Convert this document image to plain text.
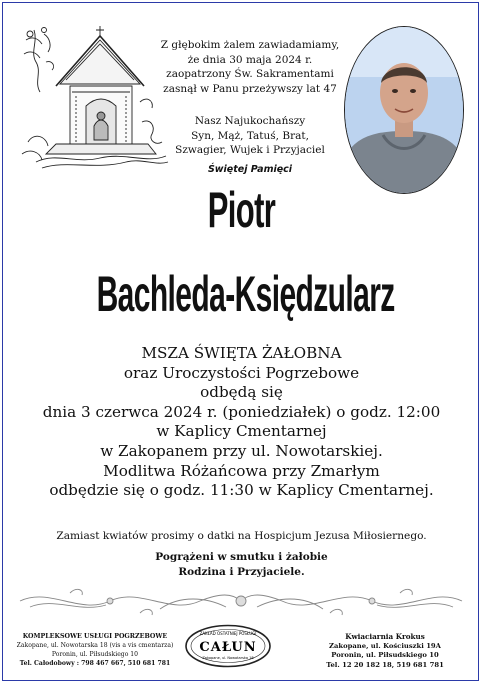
Z głębokim żalem zawiadamiamy,
że dnia 30 maja 2024 r.
zaopatrzony Św. Sakramentami
zasnął w Panu przeżywszy lat 47
Nasz Najukochańszy
Syn, Mąż, Tatuś, Brat,
Szwagier, Wujek i Przyjaciel
Świętej Pamięci
Piotr
Bachleda-Księdzularz
MSZA ŚWIĘTA ŻAŁOBNA
oraz Uroczystości Pogrzebowe
odbędą się
dnia 3 czerwca 2024 r. (poniedziałek) o godz. 12:00
w Kaplicy Cmentarnej
w Zakopanem przy ul. Nowotarskiej.
Modlitwa Różańcowa przy Zmarłym
odbędzie się o godz. 11:30 w Kaplicy Cmentarnej.
Zamiast kwiatów prosimy o datki na Hospicjum Jezusa Miłosiernego.
Pogrążeni w smutku i żałobie
Rodzina i Przyjaciele.
KOMPLEKSOWE USŁUGI POGRZEBOWE
Zakopane, ul. Nowotarska 18 (vis a vis cmentarza)
Poronin, ul. Piłsudskiego 10
Tel. Całodobowy : 798 467 667, 510 681 781
ZAKŁAD OSTATNIEJ POSŁUGI
CAŁUN
Zakopane, ul. Nowotarska 18
Kwiaciarnia Krokus
Zakopane, ul. Kościuszki 19A
Poronin, ul. Piłsudskiego 10
Tel. 12 20 182 18, 519 681 781
